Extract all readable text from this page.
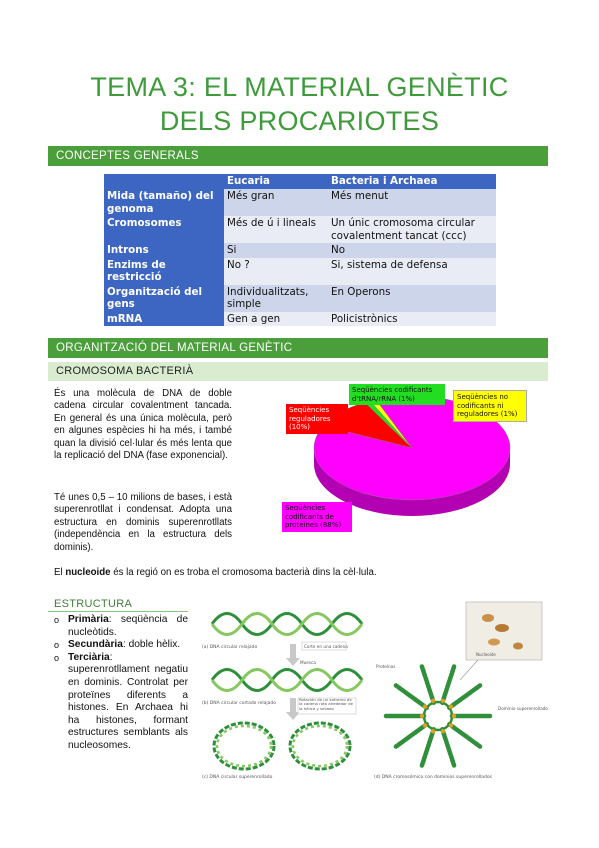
TEMA 3: EL MATERIAL GENÈTIC
DELS PROCARIOTES
CONCEPTES GENERALS
	Eucaria	Bacteria i Archaea
Mida (tamaño) del genoma	Més gran	Més menut
Cromosomes	Més de ú i lineals	Un únic cromosoma circular covalentment tancat (ccc)
Introns	Si	No
Enzims de restricció	No ?	Si, sistema de defensa
Organització del gens	Individualitzats, simple	En Operons
mRNA	Gen a gen	Policistrònics
ORGANITZACIÓ DEL MATERIAL GENÈTIC
CROMOSOMA BACTERIÀ
És una molècula de DNA de doble cadena circular covalentment tancada. En general és una única molècula, però en algunes espècies hi ha més, i també quan la divisió cel·lular és més lenta que la replicació del DNA (fase exponencial).
Té unes 0,5 – 10 milions de bases, i està superenrotllat i condensat. Adopta una estructura en dominis superenrotllats (independència en la estructura dels dominis).
Seqüències codificants d'tRNA/rRNA (1%)	Seqüències no codificants ni reguladores (1%)
Seqüències reguladores (10%)
Seqüències codificants de proteïnes (88%)
El nucleoide és la regió on es troba el cromosoma bacterià dins la cèl·lula.
ESTRUCTURA
o Primària: seqüència de nucleòtids.
o Secundària: doble hèlix.
o Terciària: superenrotllament negatiu en dominis. Controlat per proteïnes diferents a histones. En Archaea hi ha histones, formant estructures semblants als nucleosomes.
(a) DNA circular relajado	Corte en una cadena
Muesca
(b) DNA circular cortado relajado
Rotación de un extremo de la cadena rota alrededor de la hélice y sellado
(c) DNA circular superenrollado
Nucleoide
Proteínas
Dominio superenrollado
(d) DNA cromosómico con dominios superenrollados
